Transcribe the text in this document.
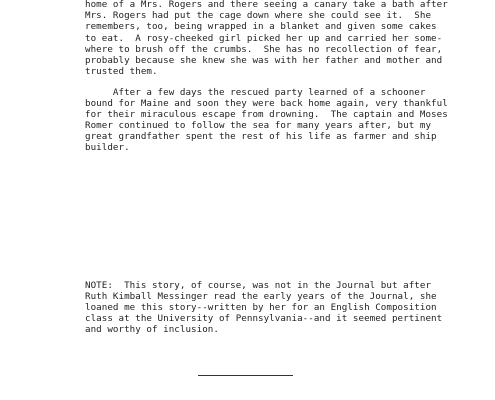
home of a Mrs. Rogers and there seeing a canary take a bath after

Mrs. Rogers had put the cage down where she could see it.  She

remembers, too, being wrapped in a blanket and given some cakes

to eat.  A rosy-cheeked girl picked her up and carried her some-

where to brush off the crumbs.  She has no recollection of fear,

probably because she knew she was with her father and mother and

trusted them.

After a few days the rescued party learned of a schooner

bound for Maine and soon they were back home again, very thankful

for their miraculous escape from drowning.  The captain and Moses

Romer continued to follow the sea for many years after, but my

great grandfather spent the rest of his life as farmer and ship

builder.

NOTE:  This story, of course, was not in the Journal but after

Ruth Kimball Messinger read the early years of the Journal, she

loaned me this story--written by her for an English Composition

class at the University of Pennsylvania--and it seemed pertinent

and worthy of inclusion.
